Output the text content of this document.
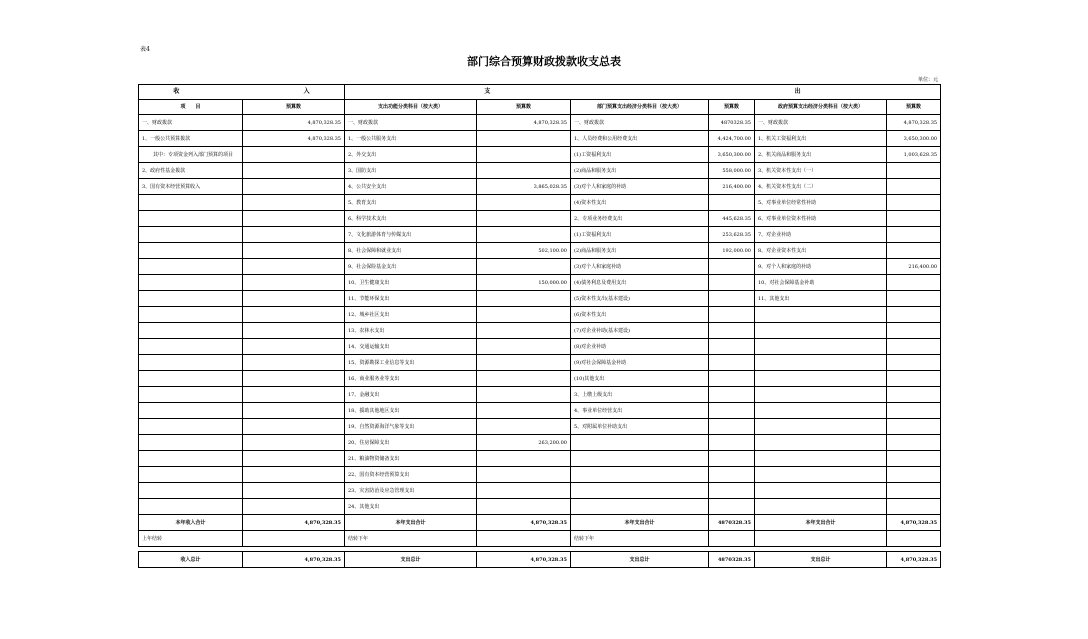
表4
部门综合预算财政拨款收支总表
单位：元
收 入		支 出					
项　　目	预算数	支出功能分类科目（按大类）	预算数	部门预算支出经济分类科目（按大类）	预算数	政府预算支出经济分类科目（按大类）	预算数
一、财政拨款	4,870,328.35	一、财政拨款	4,870,328.35	一、财政拨款	4870328.35	一、财政拨款	4,870,328.35
1、一般公共预算拨款	4,870,328.35	1、一般公共服务支出		1、人员经费和公用经费支出	4,424,700.00	1、机关工资福利支出	3,650,300.00
其中：专项资金列入部门预算的项目		2、外交支出		(1)工资福利支出	3,650,300.00	2、机关商品和服务支出	1,003,628.35
2、政府性基金拨款		3、国防支出		(2)商品和服务支出	558,000.00	3、机关资本性支出（一）	
3、国有资本经营预算收入		4、公共安全支出	3,865,028.35	(3)对个人和家庭的补助	216,400.00	4、机关资本性支出（二）	
		5、教育支出		(4)资本性支出		5、对事业单位经常性补助	
		6、科学技术支出		2、专项业务经费支出	445,628.35	6、对事业单位资本性补助	
		7、文化旅游体育与传媒支出		(1)工资福利支出	253,628.35	7、对企业补助	
		8、社会保障和就业支出	502,100.00	(2)商品和服务支出	192,000.00	8、对企业资本性支出	
		9、社会保险基金支出		(3)对个人和家庭补助		9、对个人和家庭的补助	216,400.00
		10、卫生健康支出	150,000.00	(4)债务利息及费用支出		10、对社会保障基金补助	
		11、节能环保支出		(5)资本性支出(基本建设)		11、其他支出	
		12、城乡社区支出		(6)资本性支出			
		13、农林水支出		(7)对企业补助(基本建设)			
		14、交通运输支出		(8)对企业补助			
		15、资源勘探工业信息等支出		(9)对社会保障基金补助			
		16、商业服务业等支出		(10)其他支出			
		17、金融支出		3、上缴上级支出			
		18、援助其他地区支出		4、事业单位经营支出			
		19、自然资源海洋气象等支出		5、对附属单位补助支出			
		20、住房保障支出	263,200.00				
		21、粮油物资储备支出					
		22、国有资本经营预算支出					
		23、灾害防治及应急管理支出					
		24、其他支出					
本年收入合计	4,870,328.35	本年支出合计	4,870,328.35	本年支出合计	4870328.35	本年支出合计	4,870,328.35
上年结转		结转下年		结转下年			

收入总计	4,870,328.35	支出总计	4,870,328.35	支出总计	4870328.35	支出总计	4,870,328.35
